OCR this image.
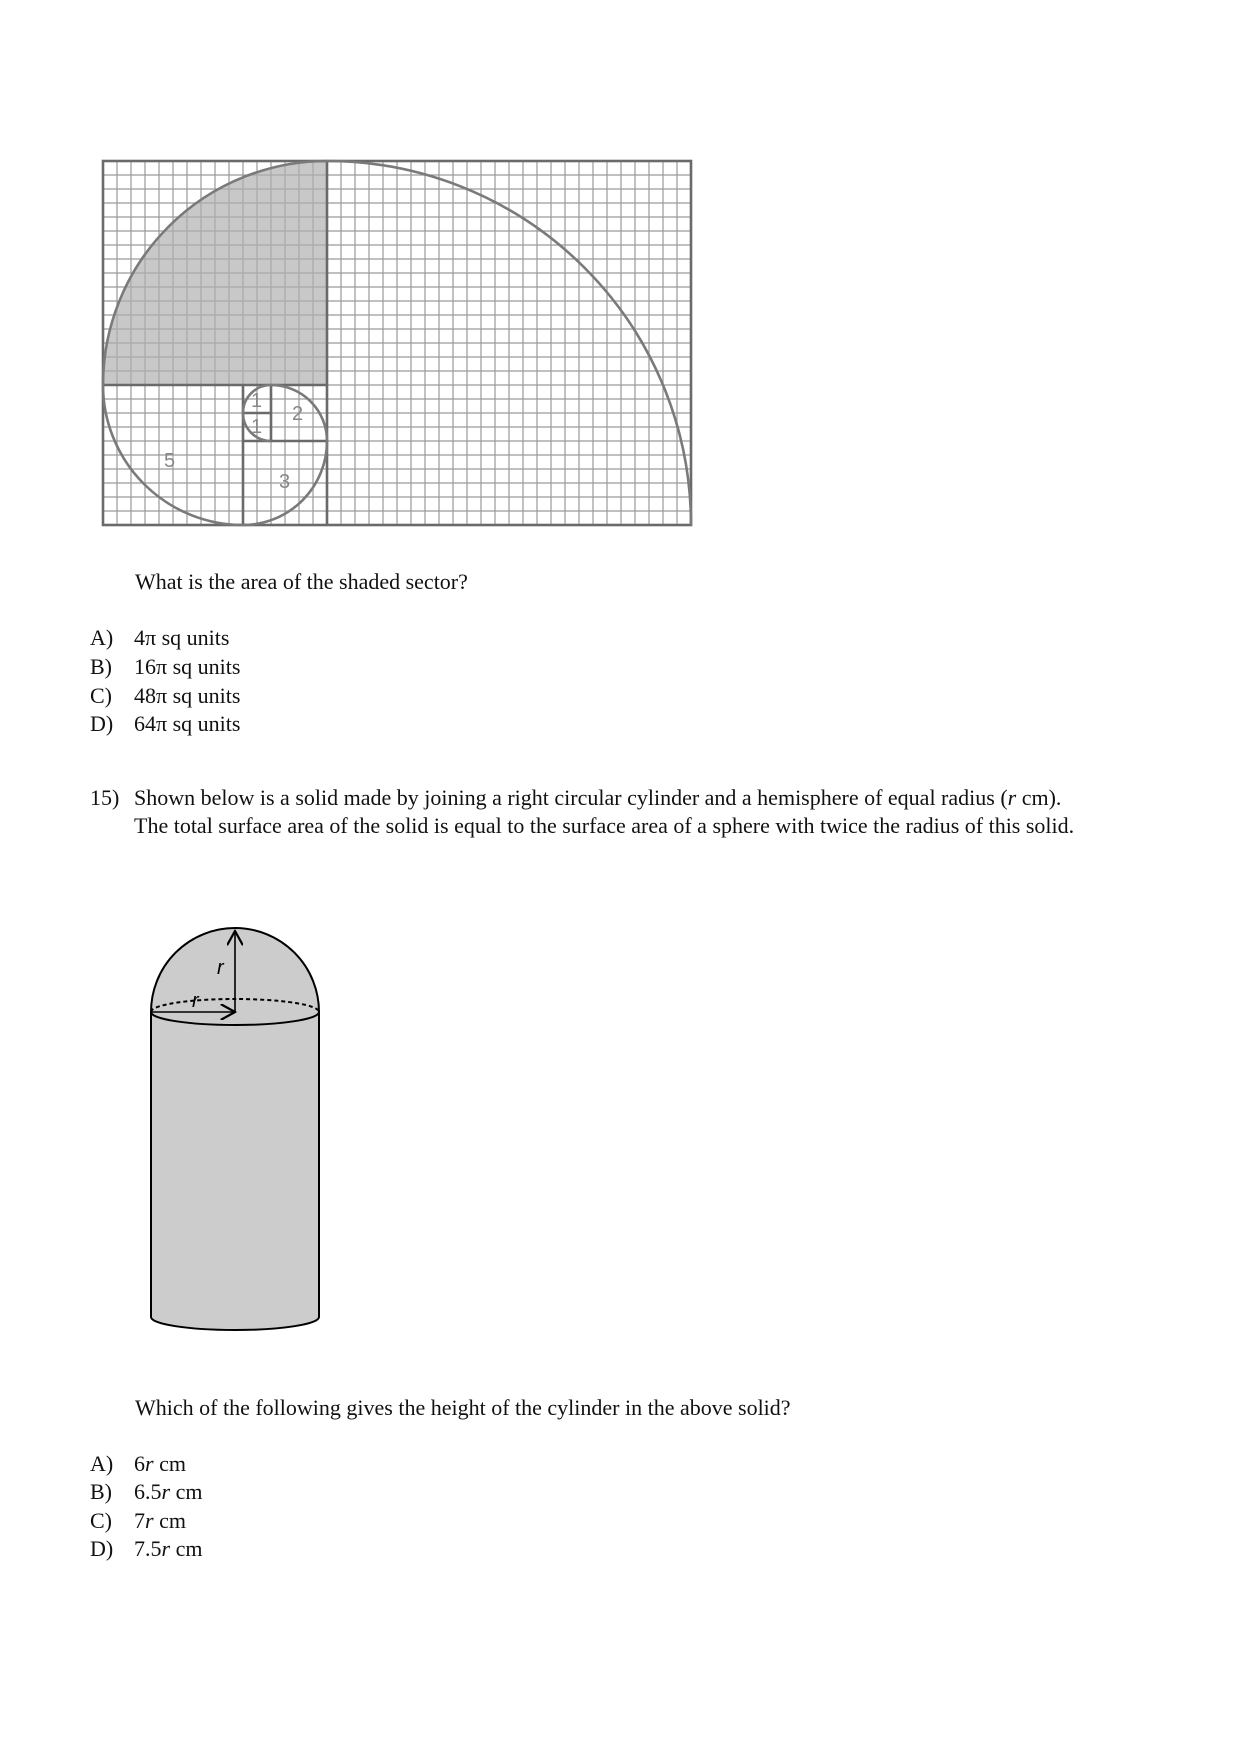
1
1
2
3
5
What is the area of the shaded sector?
A) 4π sq units
B) 16π sq units
C) 48π sq units
D) 64π sq units
15) Shown below is a solid made by joining a right circular cylinder and a hemisphere of equal radius (r cm). The total surface area of the solid is equal to the surface area of a sphere with twice the radius of this solid.
r
r
Which of the following gives the height of the cylinder in the above solid?
A) 6r cm
B) 6.5r cm
C) 7r cm
D) 7.5r cm
